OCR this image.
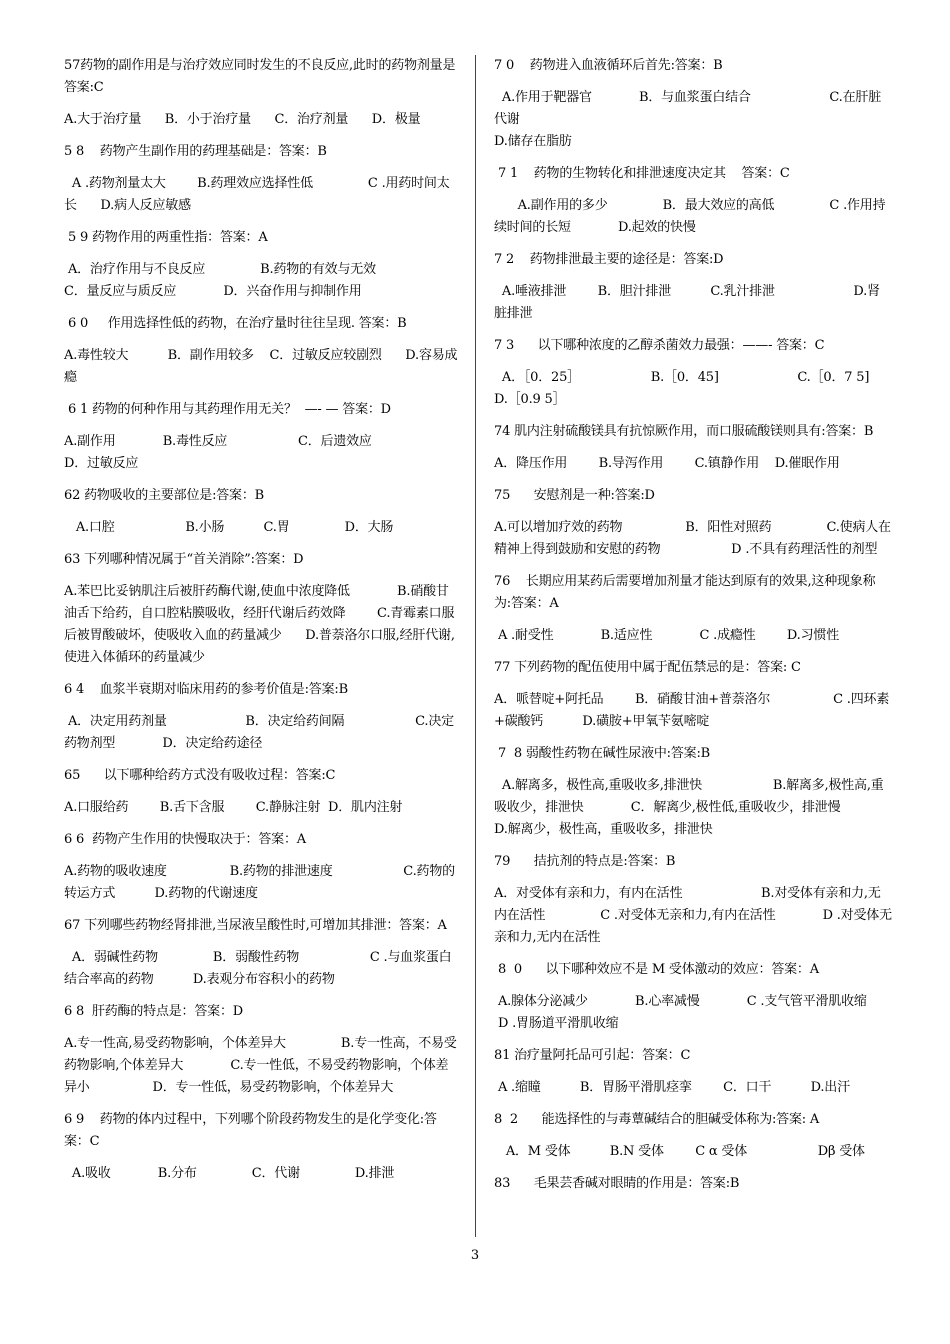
57药物的副作用是与治疗效应同时发生的不良反应,此时的药物剂量是答案:C
A.大于治疗量      B．小于治疗量      C．治疗剂量      D．极量
5 8    药物产生副作用的药理基础是：答案：B
A .药物剂量太大        B.药理效应选择性低              C .用药时间太长      D.病人反应敏感
5 9 药物作用的两重性指：答案：A
A．治疗作用与不良反应              B.药物的有效与无效                  C．量反应与质反应            D．兴奋作用与抑制作用
6 0     作用选择性低的药物，在治疗量时往往呈现. 答案：B
A.毒性较大          B．副作用较多    C．过敏反应较剧烈      D.容易成瘾
6 1 药物的何种作用与其药理作用无关？  —- — 答案：D
A.副作用            B.毒性反应                  C．后遗效应
D．过敏反应
62 药物吸收的主要部位是:答案：B
A.口腔                  B.小肠          C.胃              D．大肠
63 下列哪种情况属于“首关消除”:答案：D
A.苯巴比妥钠肌注后被肝药酶代谢,使血中浓度降低            B.硝酸甘油舌下给药，自口腔粘膜吸收，经肝代谢后药效降        C.青霉素口服后被胃酸破坏，使吸收入血的药量减少      D.普萘洛尔口服,经肝代谢,使进入体循环的药量减少
6 4    血浆半衰期对临床用药的参考价值是:答案:B
A．决定用药剂量                    B．决定给药间隔                  C.决定药物剂型            D．决定给药途径
65      以下哪种给药方式没有吸收过程：答案:C
A.口服给药        B.舌下含服        C.静脉注射  D．肌内注射
6 6  药物产生作用的快慢取决于：答案：A
A.药物的吸收速度                B.药物的排泄速度                  C.药物的转运方式          D.药物的代谢速度
67 下列哪些药物经肾排泄,当尿液呈酸性时,可增加其排泄：答案：A
A．弱碱性药物              B．弱酸性药物                  C .与血浆蛋白结合率高的药物          D.表观分布容积小的药物
6 8  肝药酶的特点是：答案：D
A.专一性高,易受药物影响，个体差异大              B.专一性高，不易受药物影响,个体差异大            C.专一性低，不易受药物影响，个体差异小                D．专一性低，易受药物影响，个体差异大
6 9    药物的体内过程中，下列哪个阶段药物发生的是化学变化:答案：C
A.吸收            B.分布              C．代谢              D.排泄
7 0    药物进入血液循环后首先:答案：B
A.作用于靶器官            B．与血浆蛋白结合                    C.在肝脏代谢
D.储存在脂肪
7 1    药物的生物转化和排泄速度决定其    答案：C
A.副作用的多少              B．最大效应的高低              C .作用持续时间的长短            D.起效的快慢
7 2    药物排泄最主要的途径是：答案:D
A.唾液排泄        B．胆汁排泄          C.乳汁排泄                    D.肾脏排泄
7 3      以下哪种浓度的乙醇杀菌效力最强：——- 答案：C
A．［0．25］                  B.［0．45]                    C.［0．7 5]
D.［0.9 5］
74 肌内注射硫酸镁具有抗惊厥作用，而口服硫酸镁则具有:答案：B
A．降压作用        B.导泻作用        C.镇静作用    D.催眠作用
75      安慰剂是一种:答案:D
A.可以增加疗效的药物                B．阳性对照药              C.使病人在精神上得到鼓励和安慰的药物                  D .不具有药理活性的剂型
76    长期应用某药后需要增加剂量才能达到原有的效果,这种现象称为:答案：A
A .耐受性            B.适应性            C .成瘾性        D.习惯性
77 下列药物的配伍使用中属于配伍禁忌的是：答案: C
A．哌替啶+阿托品        B．硝酸甘油+普萘洛尔                C .四环素+碳酸钙          D.磺胺+甲氧苄氨嘧啶
7  8 弱酸性药物在碱性尿液中:答案:B
A.解离多，极性高,重吸收多,排泄快                  B.解离多,极性高,重吸收少，排泄快            C．解离少,极性低,重吸收少，排泄慢
D.解离少，极性高，重吸收多，排泄快
79      拮抗剂的特点是:答案：B
A．对受体有亲和力，有内在活性                    B.对受体有亲和力,无内在活性              C .对受体无亲和力,有内在活性            D .对受体无亲和力,无内在活性
8  0      以下哪种效应不是 M 受体激动的效应：答案：A
A.腺体分泌减少            B.心率减慢            C .支气管平滑肌收缩
D .胃肠道平滑肌收缩
81 治疗量阿托品可引起：答案：C
A .缩瞳          B．胃肠平滑肌痉挛        C．口干          D.出汗
8  2      能选择性的与毒蕈碱结合的胆碱受体称为:答案: A
A．M 受体          B.N 受体        C α 受体                  Dβ 受体
83      毛果芸香碱对眼睛的作用是：答案:B
3
